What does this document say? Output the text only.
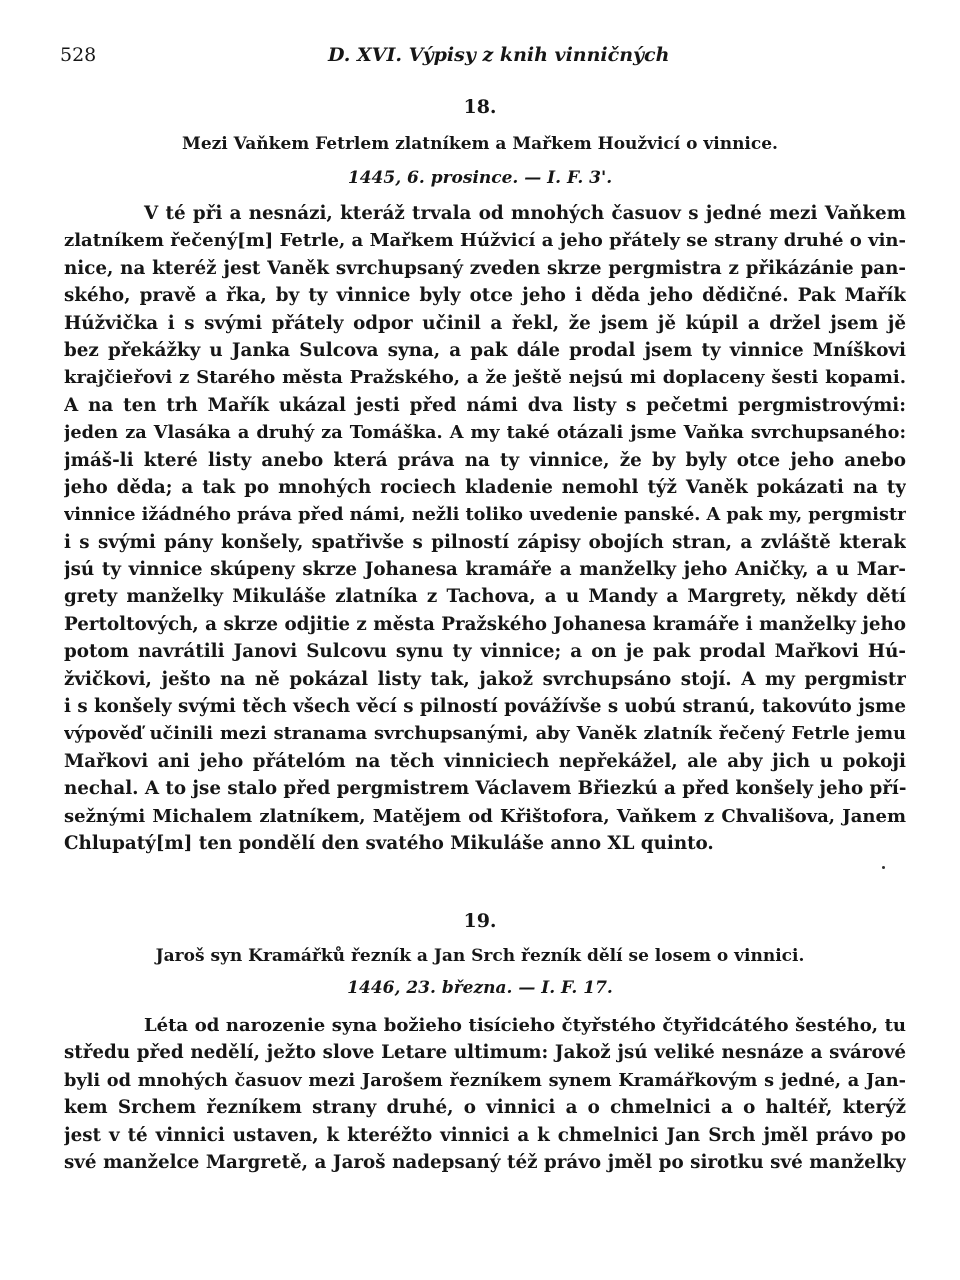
528	D. XVI. Výpisy z knih vinničných
18.
Mezi Vaňkem Fetrlem zlatníkem a Mařkem Houžvicí o vinnice.
1445, 6. prosince. — I. F. 3'.
V té při a nesnázi, kteráž trvala od mnohých časuov s jedné mezi Vaňkem
zlatníkem řečený[m] Fetrle, a Mařkem Húžvicí a jeho přátely se strany druhé o vin-
nice, na kteréž jest Vaněk svrchupsaný zveden skrze pergmistra z přikázánie pan-
ského, pravě a řka, by ty vinnice byly otce jeho i děda jeho dědičné. Pak Mařík
Húžvička i s svými přátely odpor učinil a řekl, že jsem jě kúpil a držel jsem jě
bez překážky u Janka Sulcova syna, a pak dále prodal jsem ty vinnice Mníškovi
krajčieřovi z Starého města Pražského, a že ještě nejsú mi doplaceny šesti kopami.
A na ten trh Mařík ukázal jesti před námi dva listy s pečetmi pergmistrovými:
jeden za Vlasáka a druhý za Tomáška. A my také otázali jsme Vaňka svrchupsaného:
jmáš-li které listy anebo která práva na ty vinnice, že by byly otce jeho anebo
jeho děda; a tak po mnohých rociech kladenie nemohl týž Vaněk pokázati na ty
vinnice ižádného práva před námi, nežli toliko uvedenie panské. A pak my, pergmistr
i s svými pány konšely, spatřivše s pilností zápisy obojích stran, a zvláště kterak
jsú ty vinnice skúpeny skrze Johanesa kramáře a manželky jeho Aničky, a u Mar-
grety manželky Mikuláše zlatníka z Tachova, a u Mandy a Margrety, někdy dětí
Pertoltových, a skrze odjitie z města Pražského Johanesa kramáře i manželky jeho
potom navrátili Janovi Sulcovu synu ty vinnice; a on je pak prodal Mařkovi Hú-
žvičkovi, ješto na ně pokázal listy tak, jakož svrchupsáno stojí. A my pergmistr
i s konšely svými těch všech věcí s pilností povážívše s uobú stranú, takovúto jsme
výpověď učinili mezi stranama svrchupsanými, aby Vaněk zlatník řečený Fetrle jemu
Mařkovi ani jeho přátelóm na těch vinniciech nepřekážel, ale aby jich u pokoji
nechal. A to jse stalo před pergmistrem Václavem Břiezkú a před konšely jeho pří-
sežnými Michalem zlatníkem, Matějem od Křištofora, Vaňkem z Chvališova, Janem
Chlupatý[m] ten pondělí den svatého Mikuláše anno XL quinto.
19.
Jaroš syn Kramářků řezník a Jan Srch řezník dělí se losem o vinnici.
1446, 23. března. — I. F. 17.
Léta od narozenie syna božieho tisícieho čtyřstého čtyřidcátého šestého, tu
středu před nedělí, ježto slove Letare ultimum: Jakož jsú veliké nesnáze a svárové
byli od mnohých časuov mezi Jarošem řezníkem synem Kramářkovým s jedné, a Jan-
kem Srchem řezníkem strany druhé, o vinnici a o chmelnici a o haltéř, kterýž
jest v té vinnici ustaven, k kteréžto vinnici a k chmelnici Jan Srch jměl právo po
své manželce Margretě, a Jaroš nadepsaný též právo jměl po sirotku své manželky
